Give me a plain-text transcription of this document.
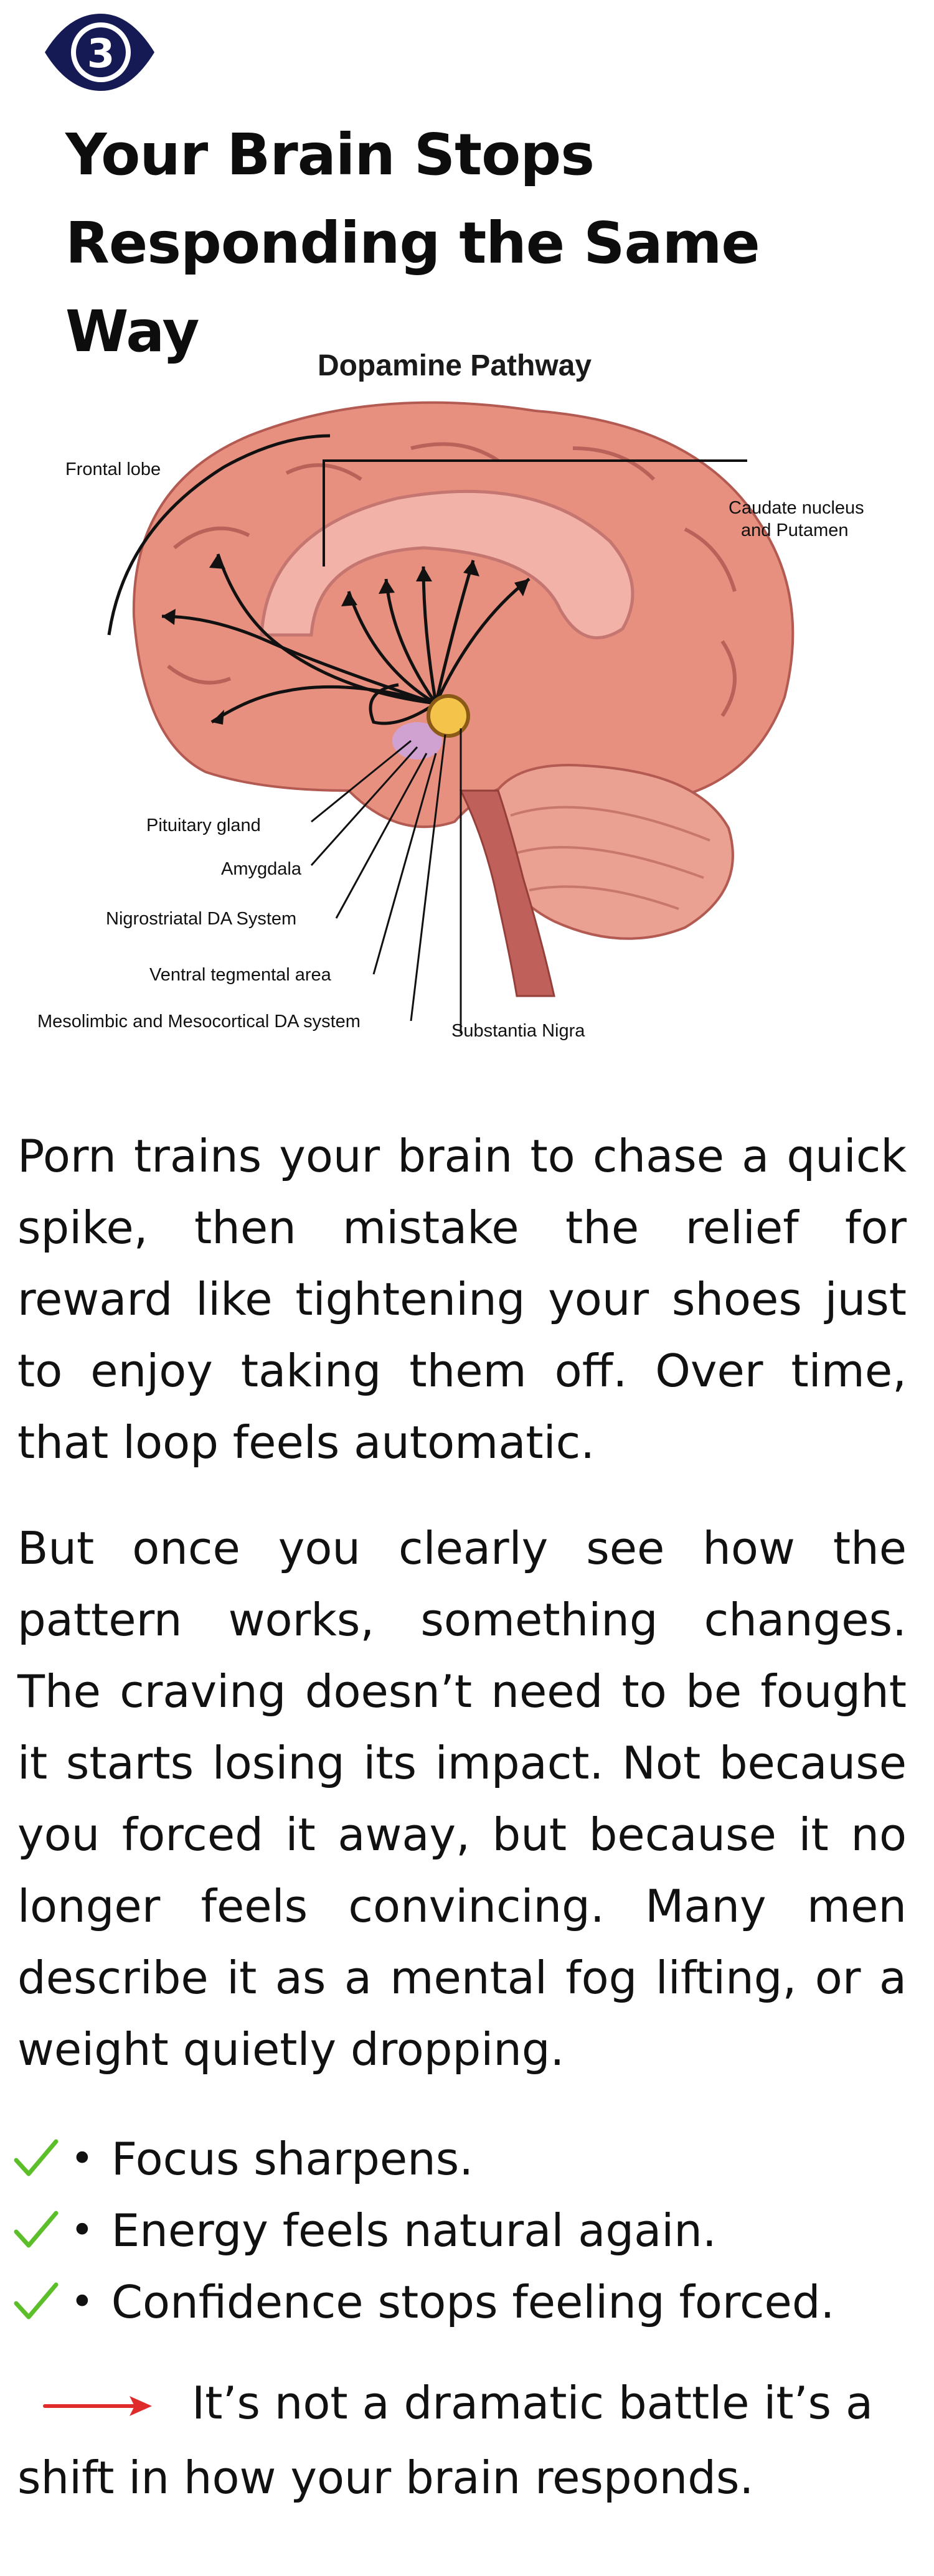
3
Your Brain Stops
Responding the Same Way
Dopamine Pathway
Frontal lobe
Caudate nucleus
and Putamen
Pituitary gland
Amygdala
Nigrostriatal DA System
Ventral tegmental area
Mesolimbic and Mesocortical DA system	Substantia Nigra

Porn trains your brain to chase a quick spike, then mistake the relief for reward like tightening your shoes just to enjoy taking them off. Over time, that loop feels automatic.

But once you clearly see how the pattern works, something changes. The craving doesn’t need to be fought it starts losing its impact. Not because you forced it away, but because it no longer feels convincing. Many men describe it as a mental fog lifting, or a weight quietly dropping.

• Focus sharpens.
• Energy feels natural again.
• Confidence stops feeling forced.
It’s not a dramatic battle it’s a
shift in how your brain responds.
